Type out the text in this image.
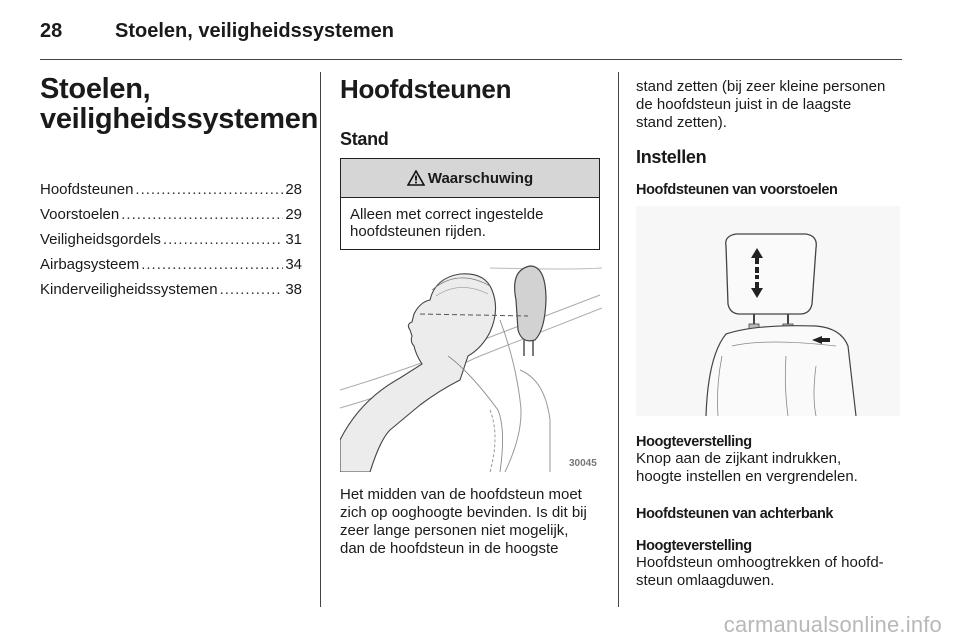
28	Stoelen, veiligheidssystemen
Stoelen,
veiligheidssystemen
Hoofdsteunen .....	28
Voorstoelen .....	29
Veiligheidsgordels .....	31
Airbagsysteem .....	34
Kinderveiligheidssystemen .....	38
Hoofdsteunen
Stand
Waarschuwing
Alleen met correct ingestelde
hoofdsteunen rijden.
30045

Het midden van de hoofdsteun moet

zich op ooghoogte bevinden. Is dit bij

zeer lange personen niet mogelijk,

dan de hoofdsteun in de hoogste

stand zetten (bij zeer kleine personen

de hoofdsteun juist in de laagste

stand zetten).

Instellen
Hoofdsteunen van voorstoelen
Hoogteverstelling

Knop aan de zijkant indrukken,

hoogte instellen en vergrendelen.

Hoofdsteunen van achterbank
Hoogteverstelling

Hoofdsteun omhoogtrekken of hoofd-

steun omlaagduwen.

carmanualsonline.info
